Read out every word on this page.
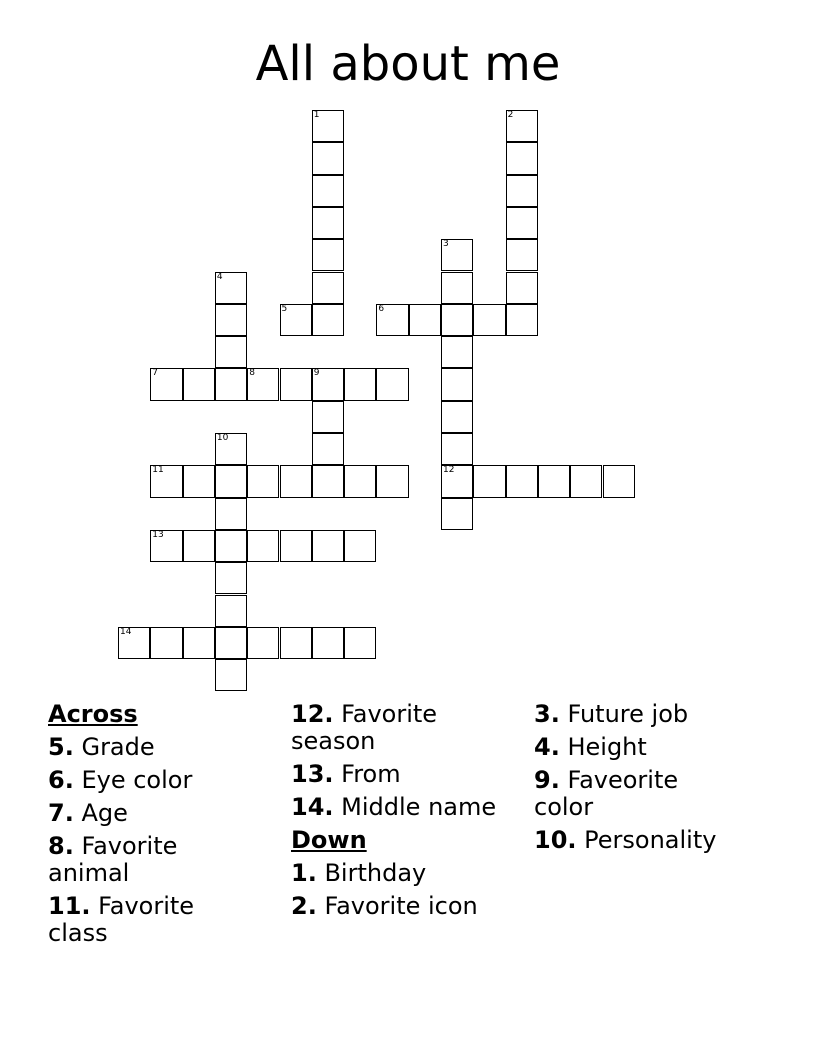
All about me
1	2
3
12
4
5	6
7	8	9
10
11
13
14
Across
5. Grade
6. Eye color
7. Age
8. Favorite animal
11. Favorite class
12. Favorite season
13. From
14. Middle name
Down
1. Birthday
2. Favorite icon
3. Future job
4. Height
9. Faveorite color
10. Personality
